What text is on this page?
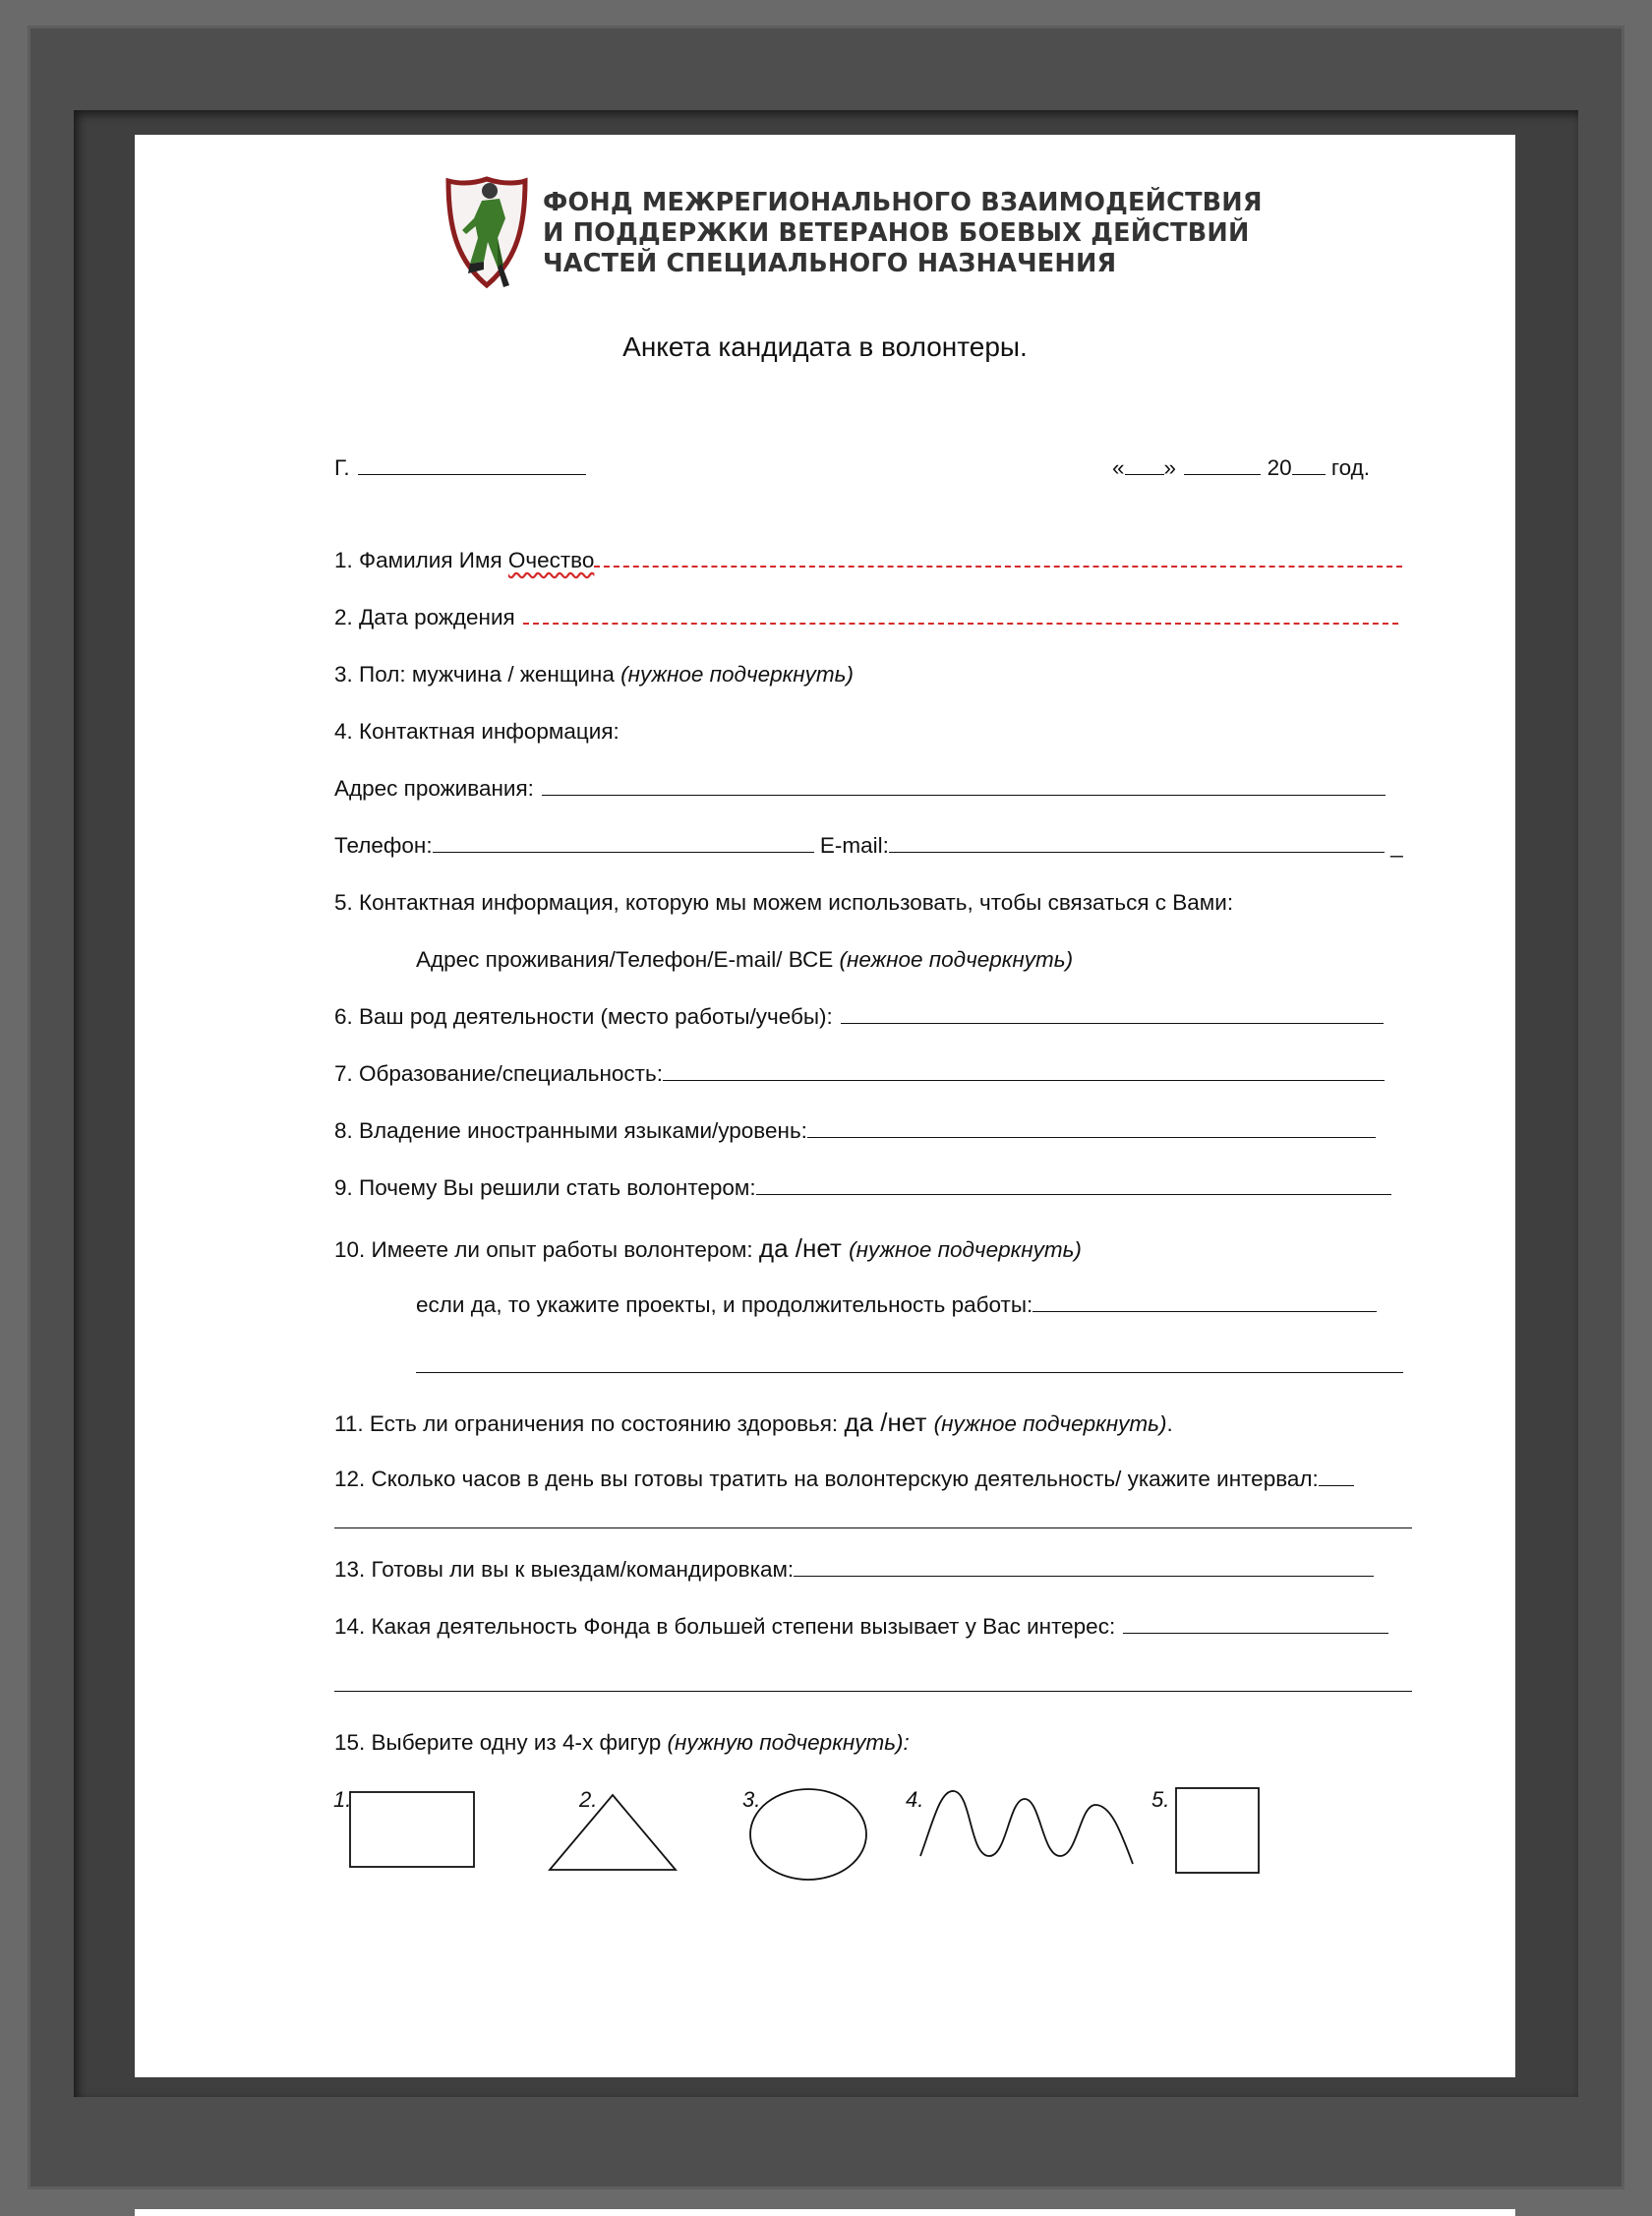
ФОНД МЕЖРЕГИОНАЛЬНОГО ВЗАИМОДЕЙСТВИЯ
И ПОДДЕРЖКИ ВЕТЕРАНОВ БОЕВЫХ ДЕЙСТВИЙ
ЧАСТЕЙ СПЕЦИАЛЬНОГО НАЗНАЧЕНИЯ
Анкета кандидата в волонтеры.
Г.	« »	20 год.
1. Фамилия Имя Очество
2. Дата рождения
3. Пол: мужчина / женщина (нужное подчеркнуть)
4. Контактная информация:
Адрес проживания:
Телефон:	E-mail:	_
5. Контактная информация, которую мы можем использовать, чтобы связаться с Вами:
Адрес проживания/Телефон/E-mail/ ВСЕ (нежное подчеркнуть)
6. Ваш род деятельности (место работы/учебы):
7. Образование/специальность:
8. Владение иностранными языками/уровень:
9. Почему Вы решили стать волонтером:
10. Имеете ли опыт работы волонтером: да /нет (нужное подчеркнуть)
если да, то укажите проекты, и продолжительность работы:
11. Есть ли ограничения по состоянию здоровья: да /нет (нужное подчеркнуть).
12. Сколько часов в день вы готовы тратить на волонтерскую деятельность/ укажите интервал:
13. Готовы ли вы к выездам/командировкам:
14. Какая деятельность Фонда в большей степени вызывает у Вас интерес:
15. Выберите одну из 4-х фигур (нужную подчеркнуть):
1.	2.	3.	4.	5.
